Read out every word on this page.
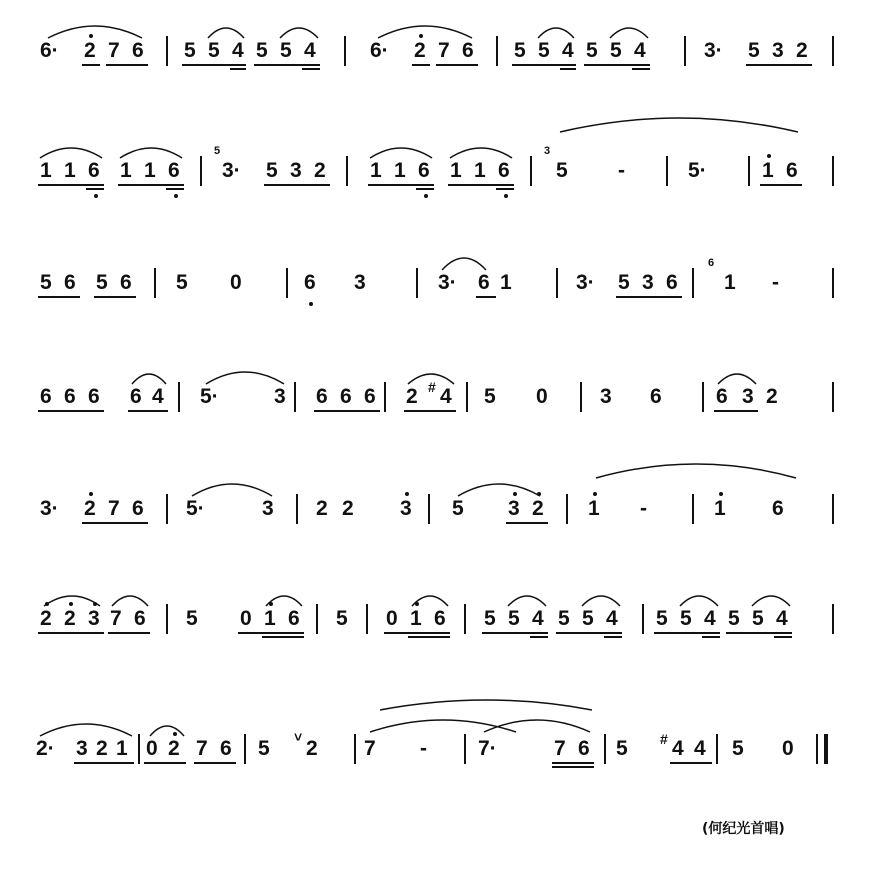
(何纪光首唱)
6· 2 7 6 5 5 4 5 5 4	6· 2 7 6 5 5 4 5 5 4	3· 5 3 2
1 1 6 1 1 6 3· 5 3 2 1 1 6 1 1 6 5 -	5·	1 6
5	3
5 6 5 6 5 0	6 3	3· 6 1	3· 5 3 6 1 -
6
6 6 6 6 4 5·	3 6 6 6 2 4 5 0 3 6	6 3 2
#
3· 2 7 6 5·	3 2 2 3 5 3 2 1 -	1 6
2 2 3 7 6 5 0 1 6 5 0 1 6 5 5 4 5 5 4 5 5 4 5 5 4
2· 3 2 1 0 2 7 6 5 2 7 - 7·	7 6 5 4 4 5 0
˅	#
